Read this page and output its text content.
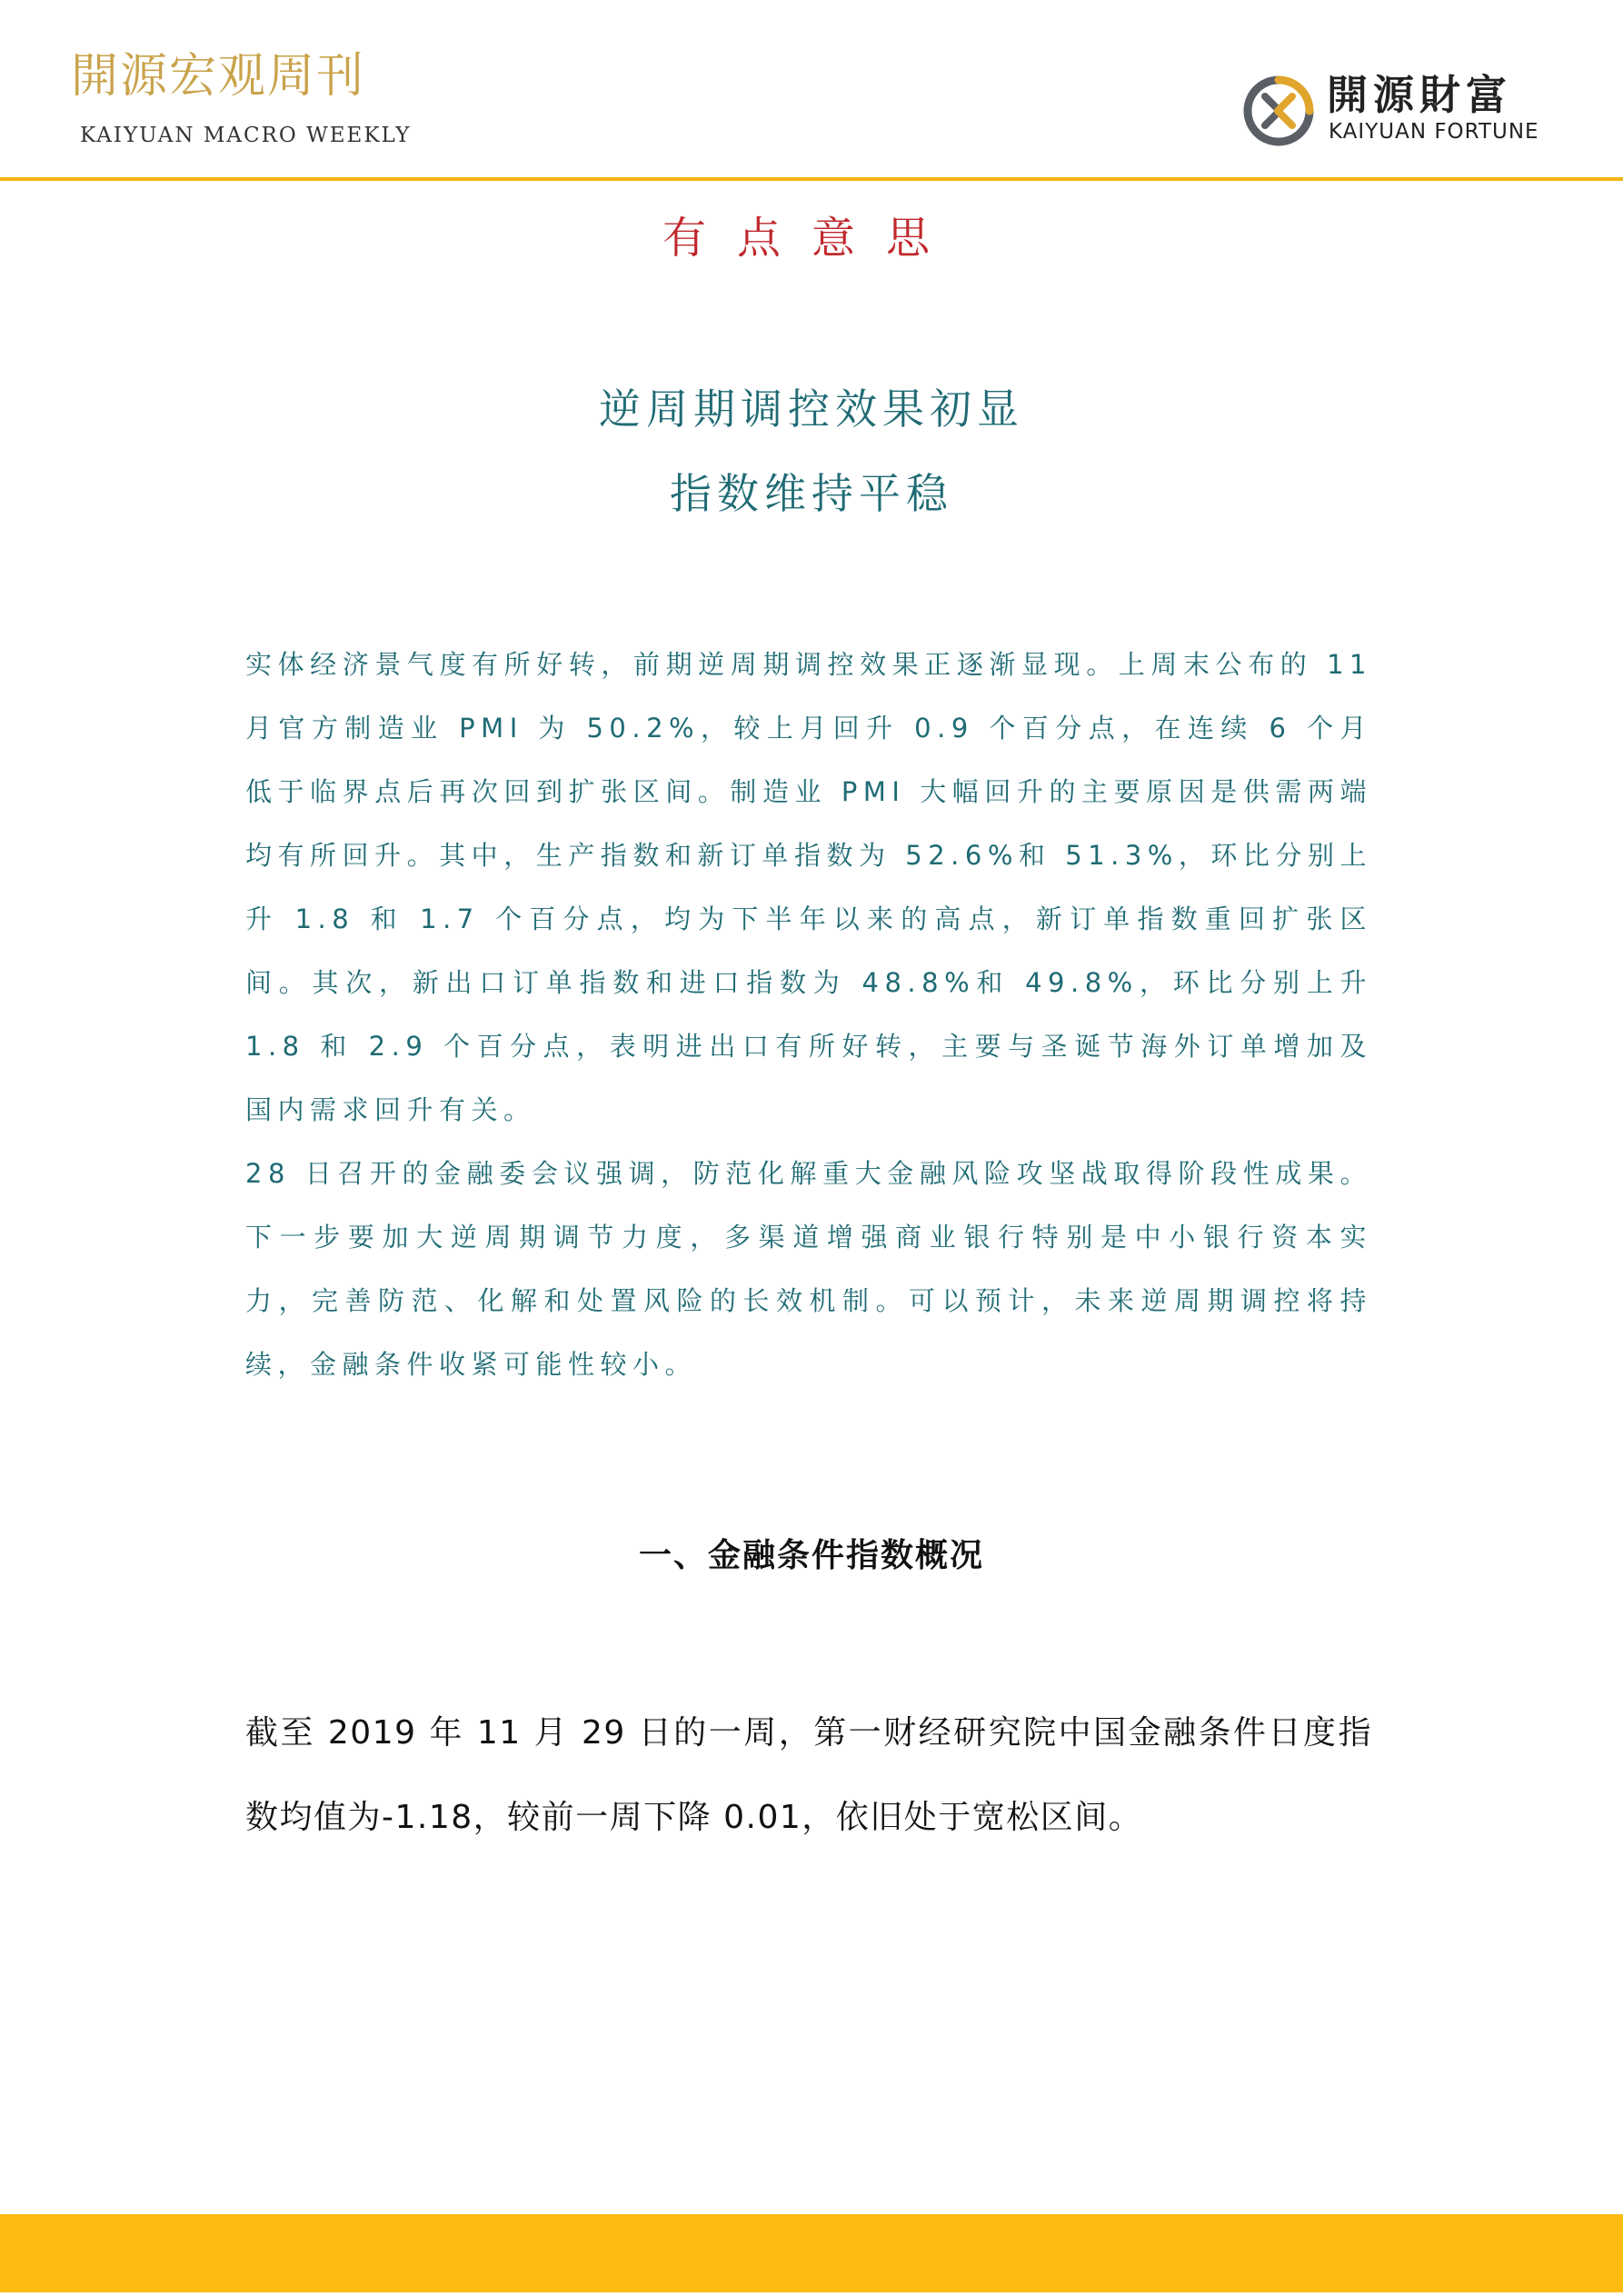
開源宏观周刊
KAIYUAN MACRO WEEKLY
開源財富
KAIYUAN FORTUNE
有点意思
逆周期调控效果初显
指数维持平稳

实体经济景气度有所好转，前期逆周期调控效果正逐渐显现。上周末公布的 11 月官方制造业 PMI 为 50.2%，较上月回升 0.9 个百分点，在连续 6 个月低于临界点后再次回到扩张区间。制造业 PMI 大幅回升的主要原因是供需两端均有所回升。其中，生产指数和新订单指数为 52.6%和 51.3%，环比分别上升 1.8 和 1.7 个百分点，均为下半年以来的高点，新订单指数重回扩张区间。其次，新出口订单指数和进口指数为 48.8%和 49.8%，环比分别上升 1.8 和 2.9 个百分点，表明进出口有所好转，主要与圣诞节海外订单增加及国内需求回升有关。

28 日召开的金融委会议强调，防范化解重大金融风险攻坚战取得阶段性成果。下一步要加大逆周期调节力度，多渠道增强商业银行特别是中小银行资本实力，完善防范、化解和处置风险的长效机制。可以预计，未来逆周期调控将持续，金融条件收紧可能性较小。

一、金融条件指数概况

截至 2019 年 11 月 29 日的一周，第一财经研究院中国金融条件日度指数均值为-1.18，较前一周下降 0.01，依旧处于宽松区间。
